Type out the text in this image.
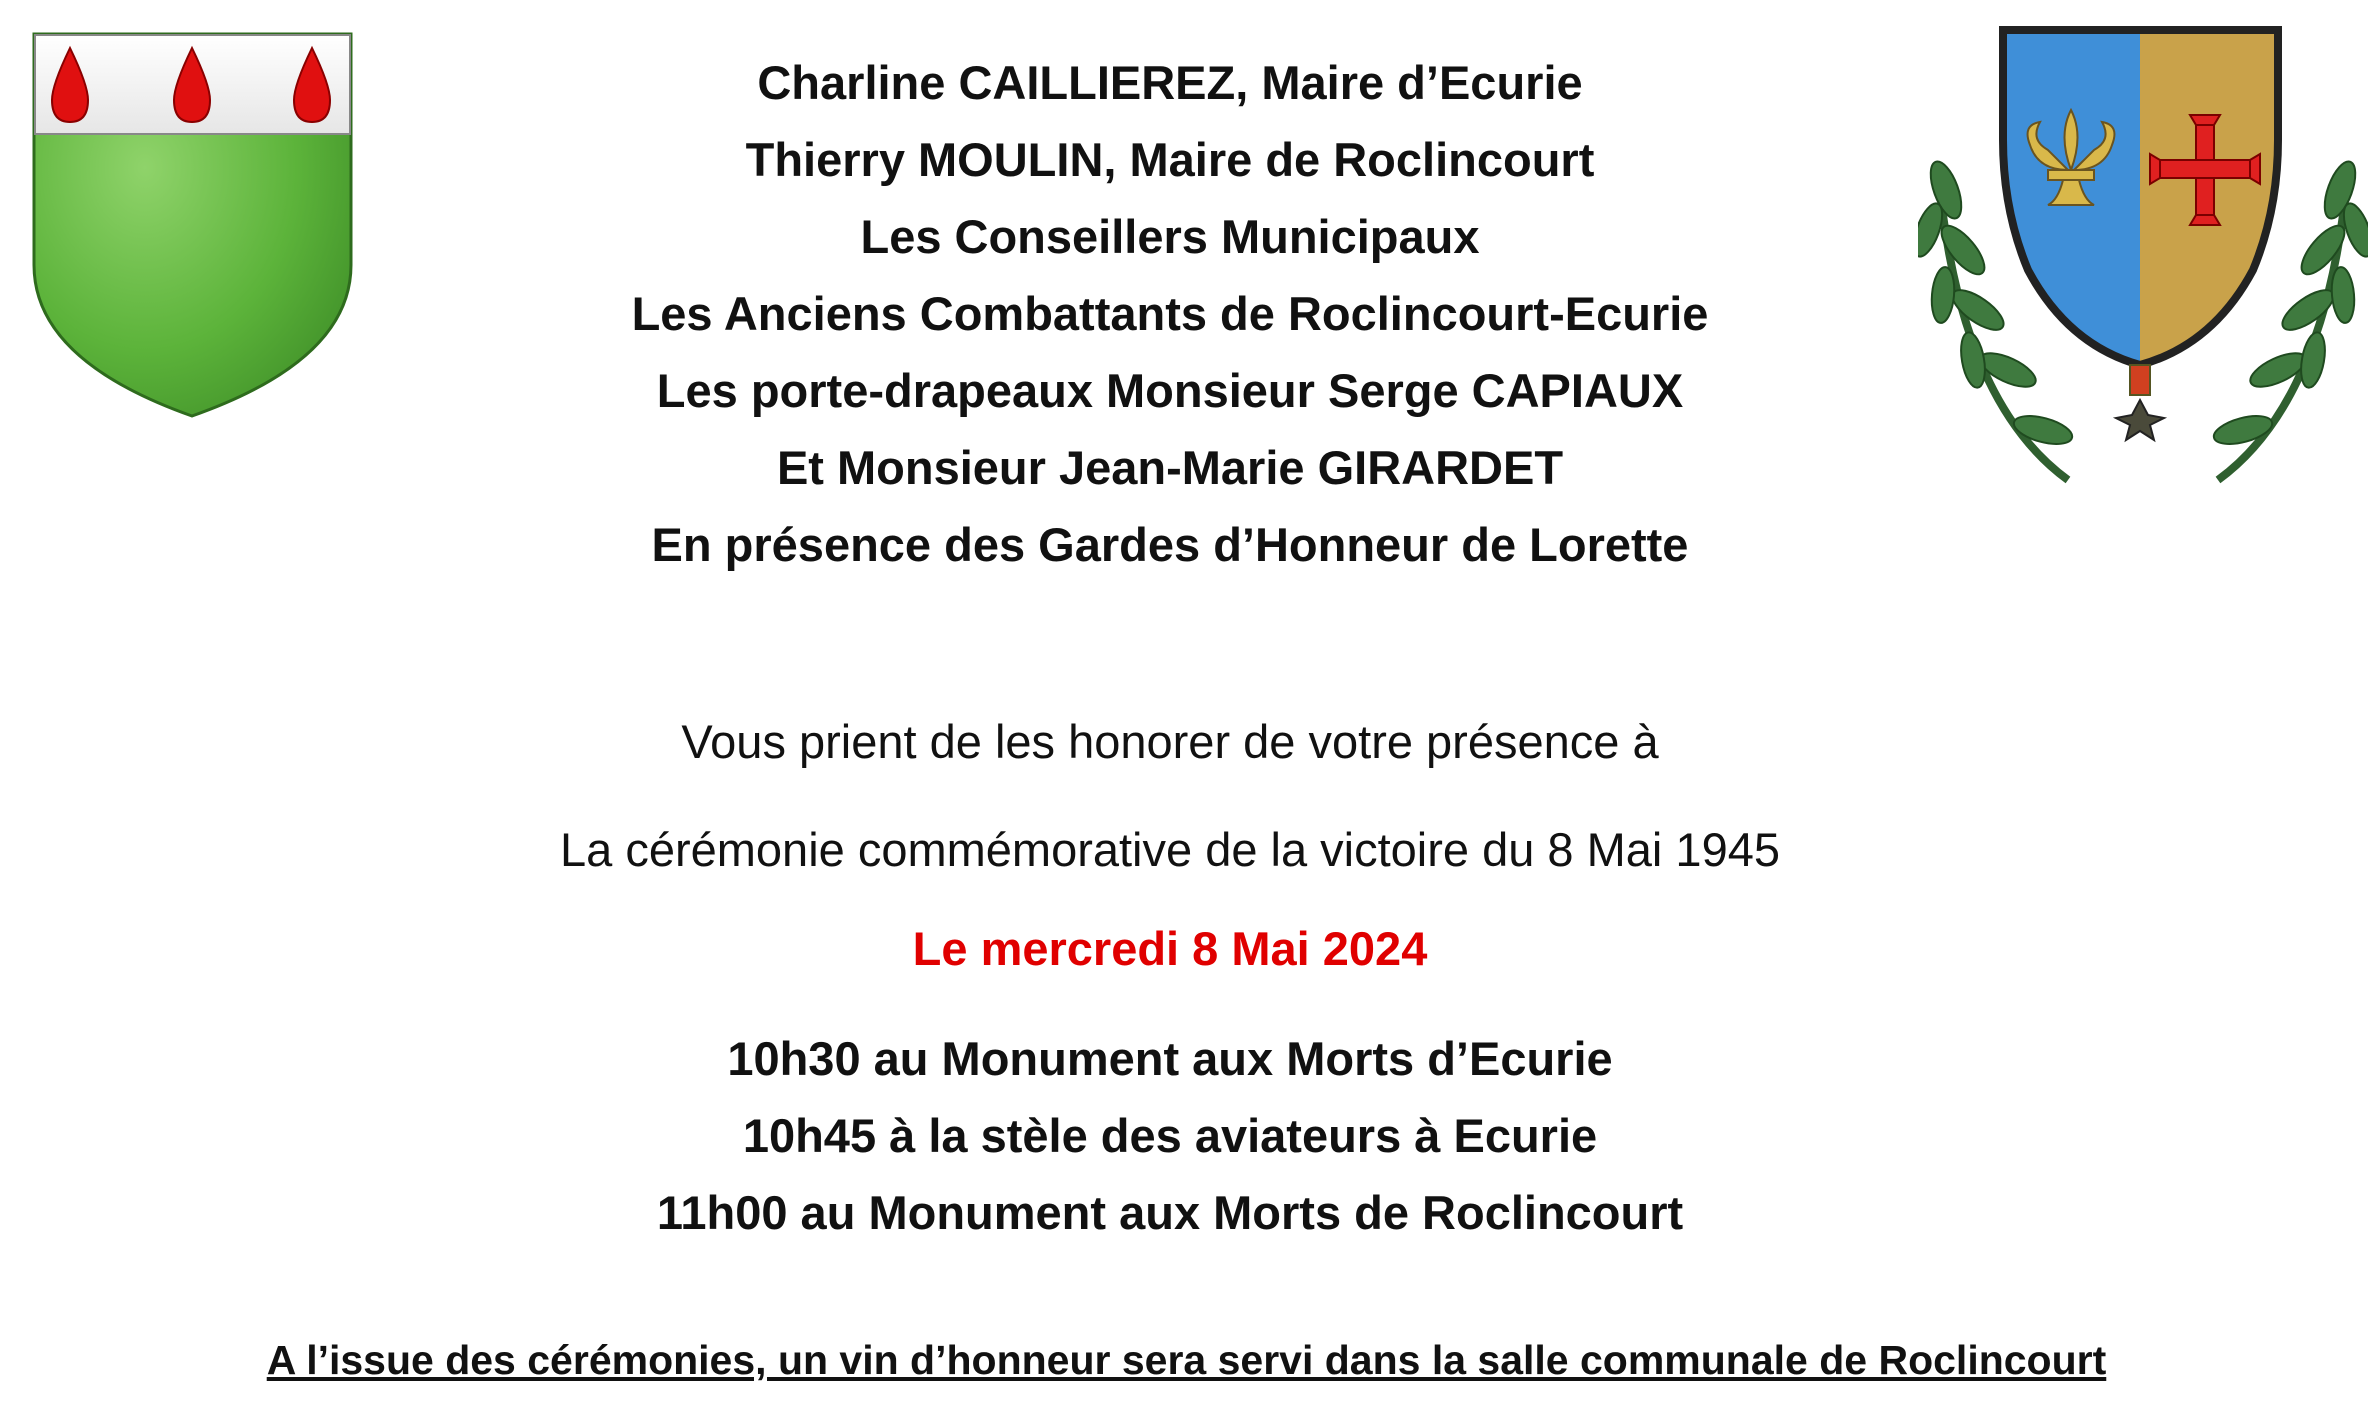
Charline CAILLIEREZ, Maire d’Ecurie
Thierry MOULIN, Maire de Roclincourt
Les Conseillers Municipaux
Les Anciens Combattants de Roclincourt-Ecurie
Les porte-drapeaux Monsieur Serge CAPIAUX
Et Monsieur Jean-Marie GIRARDET
En présence des Gardes d’Honneur de Lorette
Vous prient de les honorer de votre présence à
La cérémonie commémorative de la victoire du 8 Mai 1945
Le mercredi 8 Mai 2024
10h30 au Monument aux Morts d’Ecurie
10h45 à la stèle des aviateurs à Ecurie
11h00 au Monument aux Morts de Roclincourt
A l’issue des cérémonies, un vin d’honneur sera servi dans la salle communale de Roclincourt
